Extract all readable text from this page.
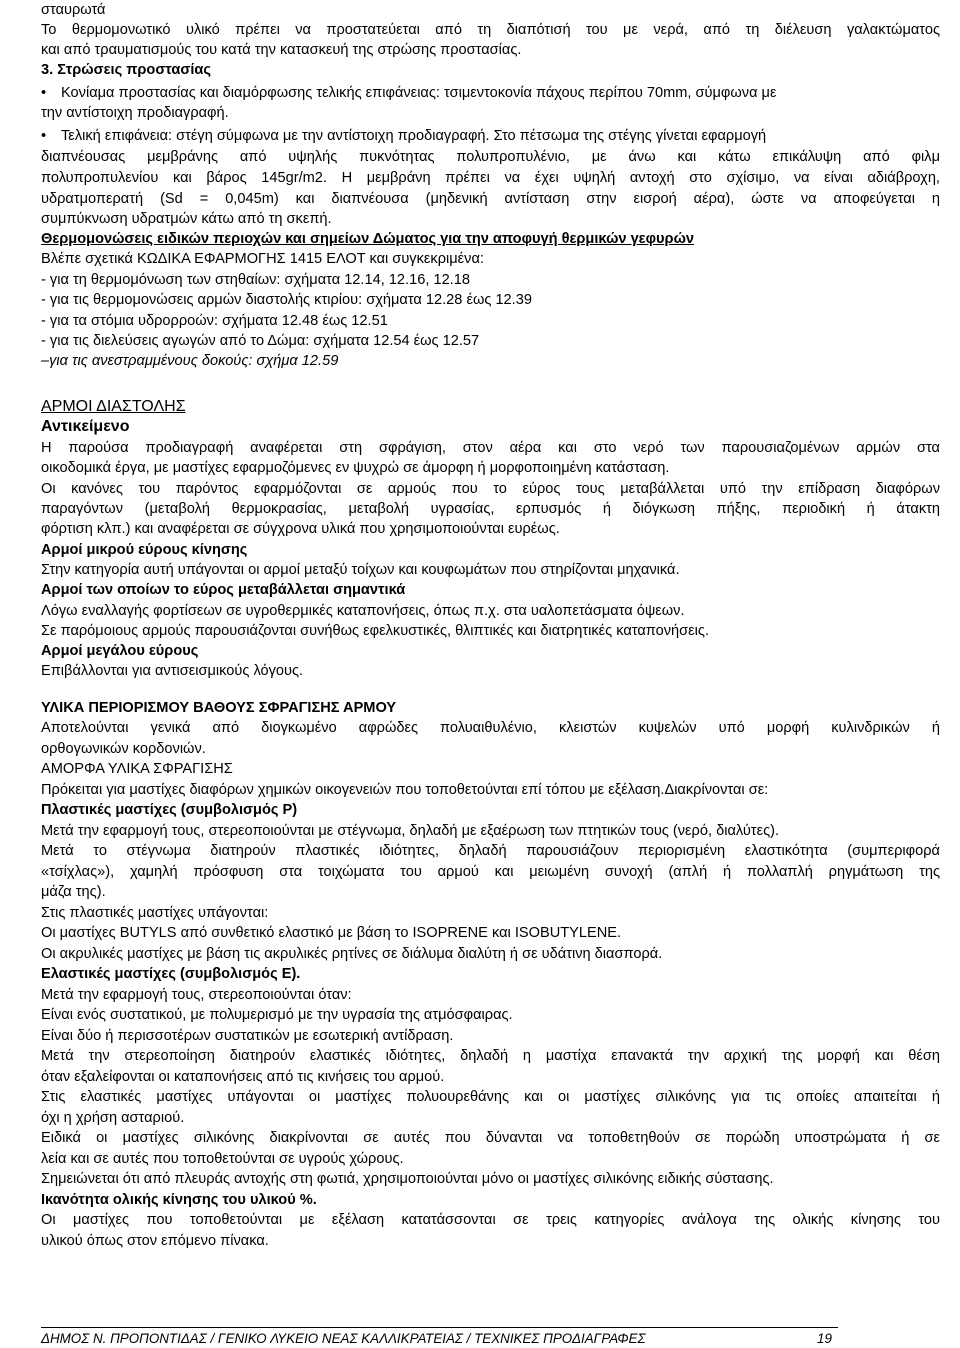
σταυρωτά
Το θερμομονωτικό υλικό πρέπει να προστατεύεται από τη διαπότισή του με νερά, από τη διέλευση γαλακτώματος
και από τραυματισμούς του κατά την κατασκευή της στρώσης προστασίας.
3. Στρώσεις προστασίας
• Κονίαμα προστασίας και διαμόρφωσης τελικής επιφάνειας: τσιμεντοκονία πάχους περίπου 70mm, σύμφωνα με
την αντίστοιχη προδιαγραφή.
• Τελική επιφάνεια: στέγη σύμφωνα με την αντίστοιχη προδιαγραφή. Στο πέτσωμα της στέγης γίνεται εφαρμογή
διαπνέουσας μεμβράνης από υψηλής πυκνότητας πολυπροπυλένιο, με άνω και κάτω επικάλυψη από φιλμ
πολυπροπυλενίου και βάρος 145gr/m2. Η μεμβράνη πρέπει να έχει υψηλή αντοχή στο σχίσιμο, να είναι αδιάβροχη,
υδρατμοπερατή (Sd = 0,045m) και διαπνέουσα (μηδενική αντίσταση στην εισροή αέρα), ώστε να αποφεύγεται η
συμπύκνωση υδρατμών κάτω από τη σκεπή.
Θερμομονώσεις ειδικών περιοχών και σημείων Δώματος για την αποφυγή θερμικών γεφυρών
Βλέπε σχετικά ΚΩΔΙΚΑ ΕΦΑΡΜΟΓΗΣ 1415 ΕΛΟΤ και συγκεκριμένα:
- για τη θερμομόνωση των στηθαίων: σχήματα 12.14, 12.16, 12.18
- για τις θερμομονώσεις αρμών διαστολής κτιρίου: σχήματα 12.28 έως 12.39
- για τα στόμια υδρορροών: σχήματα 12.48 έως 12.51
- για τις διελεύσεις αγωγών από το Δώμα: σχήματα 12.54 έως 12.57
–για τις ανεστραμμένους δοκούς: σχήμα 12.59
ΑΡΜΟΙ ΔΙΑΣΤΟΛΗΣ
Αντικείμενο
Η παρούσα προδιαγραφή αναφέρεται στη σφράγιση, στον αέρα και στο νερό των παρουσιαζομένων αρμών στα
οικοδομικά έργα, με μαστίχες εφαρμοζόμενες εν ψυχρώ σε άμορφη ή μορφοποιημένη κατάσταση.
Οι κανόνες του παρόντος εφαρμόζονται σε αρμούς που το εύρος τους μεταβάλλεται υπό την επίδραση διαφόρων
παραγόντων (μεταβολή θερμοκρασίας, μεταβολή υγρασίας, ερπυσμός ή διόγκωση πήξης, περιοδική ή άτακτη
φόρτιση κλπ.) και αναφέρεται σε σύγχρονα υλικά που χρησιμοποιούνται ευρέως.
Αρμοί μικρού εύρους κίνησης
Στην κατηγορία αυτή υπάγονται οι αρμοί μεταξύ τοίχων και κουφωμάτων που στηρίζονται μηχανικά.
Αρμοί των οποίων το εύρος μεταβάλλεται σημαντικά
Λόγω εναλλαγής φορτίσεων σε υγροθερμικές καταπονήσεις, όπως π.χ. στα υαλοπετάσματα όψεων.
Σε παρόμοιους αρμούς παρουσιάζονται συνήθως εφελκυστικές, θλιπτικές και διατρητικές καταπονήσεις.
Αρμοί μεγάλου εύρους
Επιβάλλονται για αντισεισμικούς λόγους.
ΥΛΙΚΑ ΠΕΡΙΟΡΙΣΜΟΥ ΒΑΘΟΥΣ ΣΦΡΑΓΙΣΗΣ ΑΡΜΟΥ
Αποτελούνται γενικά από διογκωμένο αφρώδες πολυαιθυλένιο, κλειστών κυψελών υπό μορφή κυλινδρικών ή
ορθογωνικών κορδονιών.
ΑΜΟΡΦΑ ΥΛΙΚΑ ΣΦΡΑΓΙΣΗΣ
Πρόκειται για μαστίχες διαφόρων χημικών οικογενειών που τοποθετούνται επί τόπου με εξέλαση.Διακρίνονται σε:
Πλαστικές μαστίχες (συμβολισμός P)
Μετά την εφαρμογή τους, στερεοποιούνται με στέγνωμα, δηλαδή με εξαέρωση των πτητικών τους (νερό, διαλύτες).
Μετά το στέγνωμα διατηρούν πλαστικές ιδιότητες, δηλαδή παρουσιάζουν περιορισμένη ελαστικότητα (συμπεριφορά
«τσίχλας»), χαμηλή πρόσφυση στα τοιχώματα του αρμού και μειωμένη συνοχή (απλή ή πολλαπλή ρηγμάτωση της
μάζα της).
Στις πλαστικές μαστίχες υπάγονται:
Οι μαστίχες BUTYLS από συνθετικό ελαστικό με βάση το ISOPRENE και ISOBUTYLENE.
Οι ακρυλικές μαστίχες με βάση τις ακρυλικές ρητίνες σε διάλυμα διαλύτη ή σε υδάτινη διασπορά.
Ελαστικές μαστίχες (συμβολισμός Ε).
Μετά την εφαρμογή τους, στερεοποιούνται όταν:
Είναι ενός συστατικού, με πολυμερισμό με την υγρασία της ατμόσφαιρας.
Είναι δύο ή περισσοτέρων συστατικών με εσωτερική αντίδραση.
Μετά την στερεοποίηση διατηρούν ελαστικές ιδιότητες, δηλαδή η μαστίχα επανακτά την αρχική της μορφή και θέση
όταν εξαλείφονται οι καταπονήσεις από τις κινήσεις του αρμού.
Στις ελαστικές μαστίχες υπάγονται οι μαστίχες πολυουρεθάνης και οι μαστίχες σιλικόνης για τις οποίες απαιτείται ή
όχι η χρήση ασταριού.
Ειδικά οι μαστίχες σιλικόνης διακρίνονται σε αυτές που δύνανται να τοποθετηθούν σε πορώδη υποστρώματα ή σε
λεία και σε αυτές που τοποθετούνται σε υγρούς χώρους.
Σημειώνεται ότι από πλευράς αντοχής στη φωτιά, χρησιμοποιούνται μόνο οι μαστίχες σιλικόνης ειδικής σύστασης.
Ικανότητα ολικής κίνησης του υλικού %.
Οι μαστίχες που τοποθετούνται με εξέλαση κατατάσσονται σε τρεις κατηγορίες ανάλογα της ολικής κίνησης του
υλικού όπως στον επόμενο πίνακα.
ΔΗΜΟΣ Ν. ΠΡΟΠΟΝΤΙΔΑΣ / ΓΕΝΙΚΟ ΛΥΚΕΙΟ ΝΕΑΣ ΚΑΛΛΙΚΡΑΤΕΙΑΣ / ΤΕΧΝΙΚΕΣ ΠΡΟΔΙΑΓΡΑΦΕΣ	19
